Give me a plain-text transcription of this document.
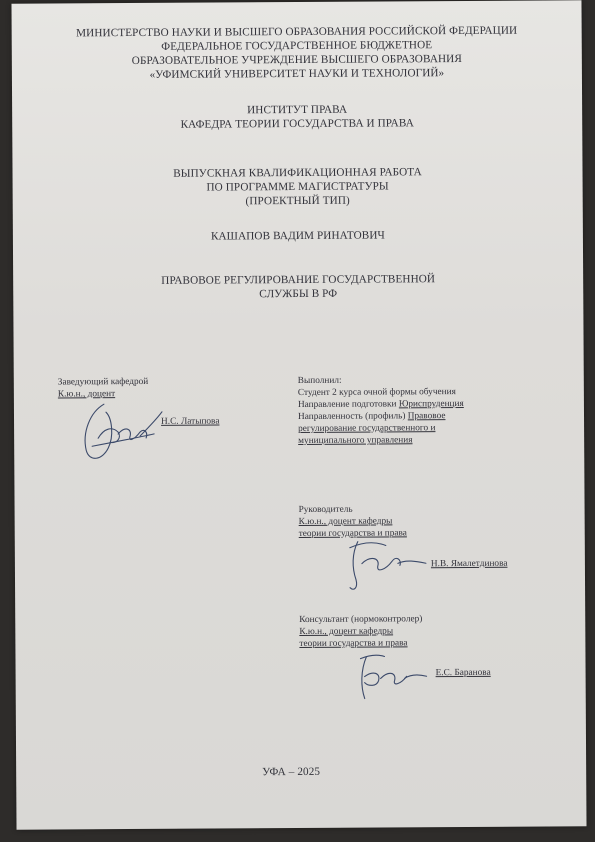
МИНИСТЕРСТВО НАУКИ И ВЫСШЕГО ОБРАЗОВАНИЯ РОССИЙСКОЙ ФЕДЕРАЦИИ
ФЕДЕРАЛЬНОЕ ГОСУДАРСТВЕННОЕ БЮДЖЕТНОЕ
ОБРАЗОВАТЕЛЬНОЕ УЧРЕЖДЕНИЕ ВЫСШЕГО ОБРАЗОВАНИЯ
«УФИМСКИЙ УНИВЕРСИТЕТ НАУКИ И ТЕХНОЛОГИЙ»
ИНСТИТУТ ПРАВА
КАФЕДРА ТЕОРИИ ГОСУДАРСТВА И ПРАВА
ВЫПУСКНАЯ КВАЛИФИКАЦИОННАЯ РАБОТА
ПО ПРОГРАММЕ МАГИСТРАТУРЫ
(ПРОЕКТНЫЙ ТИП)
КАШАПОВ ВАДИМ РИНАТОВИЧ
ПРАВОВОЕ РЕГУЛИРОВАНИЕ ГОСУДАРСТВЕННОЙ
СЛУЖБЫ В РФ
Заведующий кафедрой
К.ю.н., доцент
Н.С. Латыпова
Выполнил:
Студент 2 курса очной формы обучения
Направление подготовки Юриспруденция
Направленность (профиль) Правовое
регулирование государственного и
муниципального управления
Руководитель
К.ю.н., доцент кафедры
теории государства и права
Н.В. Ямалетдинова
Консультант (нормоконтролер)
К.ю.н., доцент кафедры
теории государства и права
Е.С. Баранова
УФА – 2025
